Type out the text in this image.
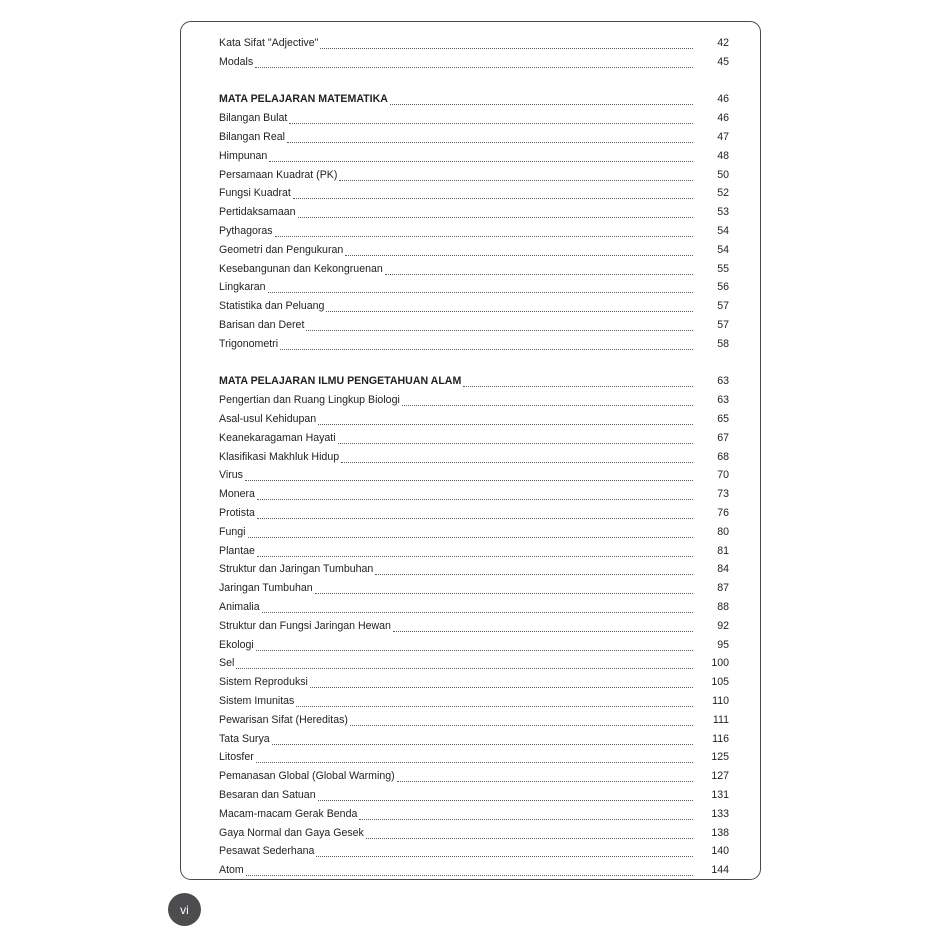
Kata Sifat "Adjective"	42
Modals	45
MATA PELAJARAN MATEMATIKA	46
Bilangan Bulat	46
Bilangan Real	47
Himpunan	48
Persamaan Kuadrat (PK)	50
Fungsi Kuadrat	52
Pertidaksamaan	53
Pythagoras	54
Geometri dan Pengukuran	54
Kesebangunan dan Kekongruenan	55
Lingkaran	56
Statistika dan Peluang	57
Barisan dan Deret	57
Trigonometri	58
MATA PELAJARAN ILMU PENGETAHUAN ALAM	63
Pengertian dan Ruang Lingkup Biologi	63
Asal-usul Kehidupan	65
Keanekaragaman Hayati	67
Klasifikasi Makhluk Hidup	68
Virus	70
Monera	73
Protista	76
Fungi	80
Plantae	81
Struktur dan Jaringan Tumbuhan	84
Jaringan Tumbuhan	87
Animalia	88
Struktur dan Fungsi Jaringan Hewan	92
Ekologi	95
Sel	100
Sistem Reproduksi	105
Sistem Imunitas	110
Pewarisan Sifat (Hereditas)	111
Tata Surya	116
Litosfer	125
Pemanasan Global (Global Warming)	127
Besaran dan Satuan	131
Macam-macam Gerak Benda	133
Gaya Normal dan Gaya Gesek	138
Pesawat Sederhana	140
Atom	144
vi
